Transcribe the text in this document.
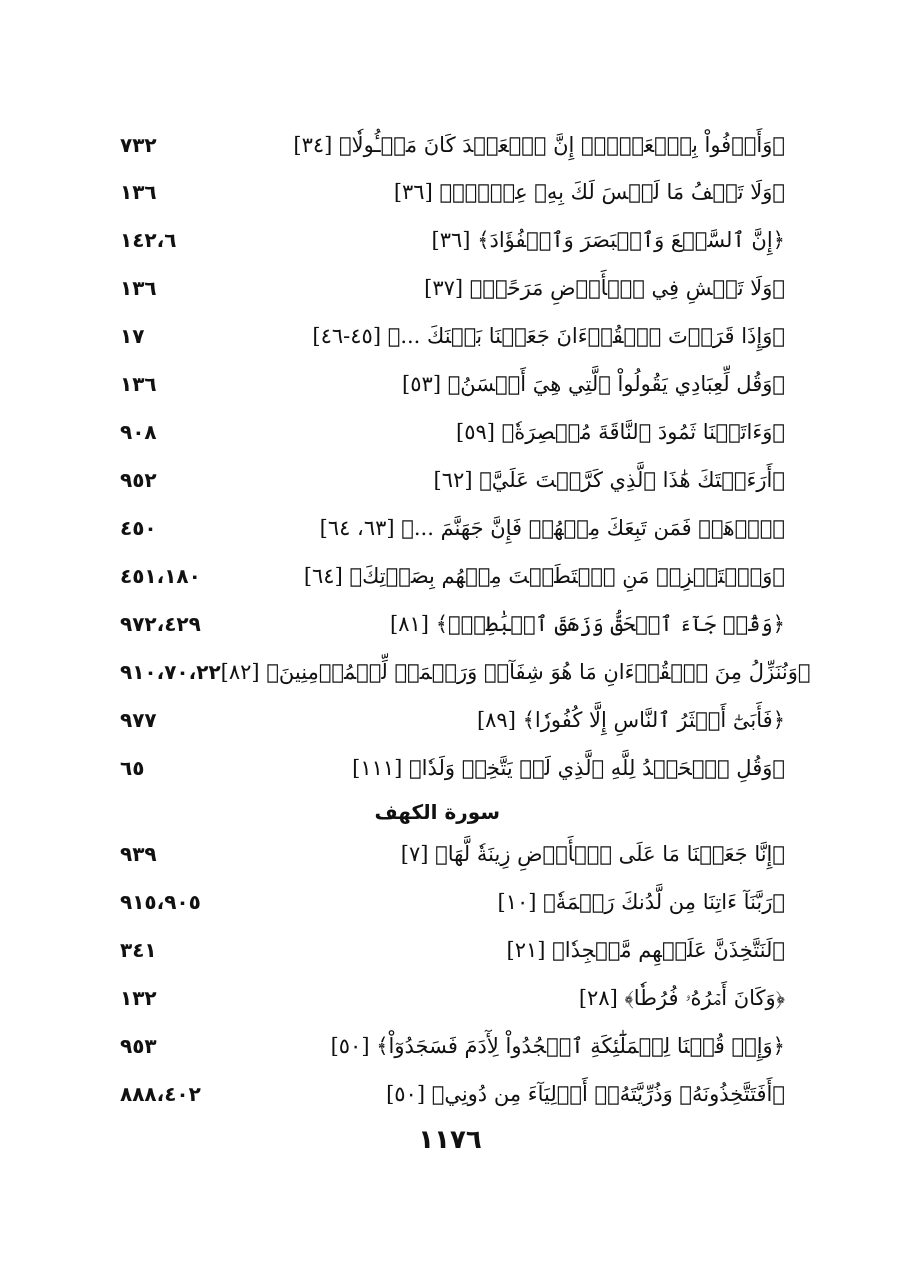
٧٣٢	﴿وَأَوۡفُواْ بِٱلۡعَهۡدِۖ إِنَّ ٱلۡعَهۡدَ كَانَ مَسۡـُٔولٗا﴾ [٣٤]
١٣٦	﴿وَلَا تَقۡفُ مَا لَيۡسَ لَكَ بِهِۦ عِلۡمٌۚ﴾ [٣٦]
١٤٢،٦	﴿إِنَّ ٱلسَّمۡعَ وَٱلۡبَصَرَ وَٱلۡفُؤَادَ﴾ [٣٦]
١٣٦	﴿وَلَا تَمۡشِ فِي ٱلۡأَرۡضِ مَرَحًاۖ﴾ [٣٧]
١٧	﴿وَإِذَا قَرَأۡتَ ٱلۡقُرۡءَانَ جَعَلۡنَا بَيۡنَكَ ...﴾ [٤٥-٤٦]
١٣٦	﴿وَقُل لِّعِبَادِي يَقُولُواْ ٱلَّتِي هِيَ أَحۡسَنُ﴾ [٥٣]
٩٠٨	﴿وَءَاتَيۡنَا ثَمُودَ ٱلنَّاقَةَ مُبۡصِرَةٗ﴾ [٥٩]
٩٥٢	﴿أَرَءَيۡتَكَ هَٰذَا ٱلَّذِي كَرَّمۡتَ عَلَيَّ﴾ [٦٢]
٤٥٠	﴿ٱذۡهَبۡ فَمَن تَبِعَكَ مِنۡهُمۡ فَإِنَّ جَهَنَّمَ ...﴾ [٦٣، ٦٤]
٤٥١،١٨٠	﴿وَٱسۡتَفۡزِزۡ مَنِ ٱسۡتَطَعۡتَ مِنۡهُم بِصَوۡتِكَ﴾ [٦٤]
٩٧٢،٤٢٩	﴿وَقُلۡ جَآءَ ٱلۡحَقُّ وَزَهَقَ ٱلۡبَٰطِلُۚ﴾ [٨١]
٩١٠،٧٠،٢٢	﴿وَنُنَزِّلُ مِنَ ٱلۡقُرۡءَانِ مَا هُوَ شِفَآءٞ وَرَحۡمَةٞ لِّلۡمُؤۡمِنِينَ﴾ [٨٢]
٩٧٧	﴿فَأَبَىٰٓ أَكۡثَرُ ٱلنَّاسِ إِلَّا كُفُورٗا﴾ [٨٩]
٦٥	﴿وَقُلِ ٱلۡحَمۡدُ لِلَّهِ ٱلَّذِي لَمۡ يَتَّخِذۡ وَلَدٗا﴾ [١١١]
سورة الكهف
٩٣٩	﴿إِنَّا جَعَلۡنَا مَا عَلَى ٱلۡأَرۡضِ زِينَةٗ لَّهَا﴾ [٧]
٩١٥،٩٠٥	﴿رَبَّنَآ ءَاتِنَا مِن لَّدُنكَ رَحۡمَةٗ﴾ [١٠]
٣٤١	﴿لَنَتَّخِذَنَّ عَلَيۡهِم مَّسۡجِدٗا﴾ [٢١]
١٣٢	﴿وَكَانَ أَمۡرُهُۥ فُرُطٗا﴾ [٢٨]
٩٥٣	﴿وَإِذۡ قُلۡنَا لِلۡمَلَٰٓئِكَةِ ٱسۡجُدُواْ لِأٓدَمَ فَسَجَدُوٓاْ﴾ [٥٠]
٨٨٨،٤٠٢	﴿أَفَتَتَّخِذُونَهُۥ وَذُرِّيَّتَهُۥٓ أَوۡلِيَآءَ مِن دُونِي﴾ [٥٠]
١١٧٦
